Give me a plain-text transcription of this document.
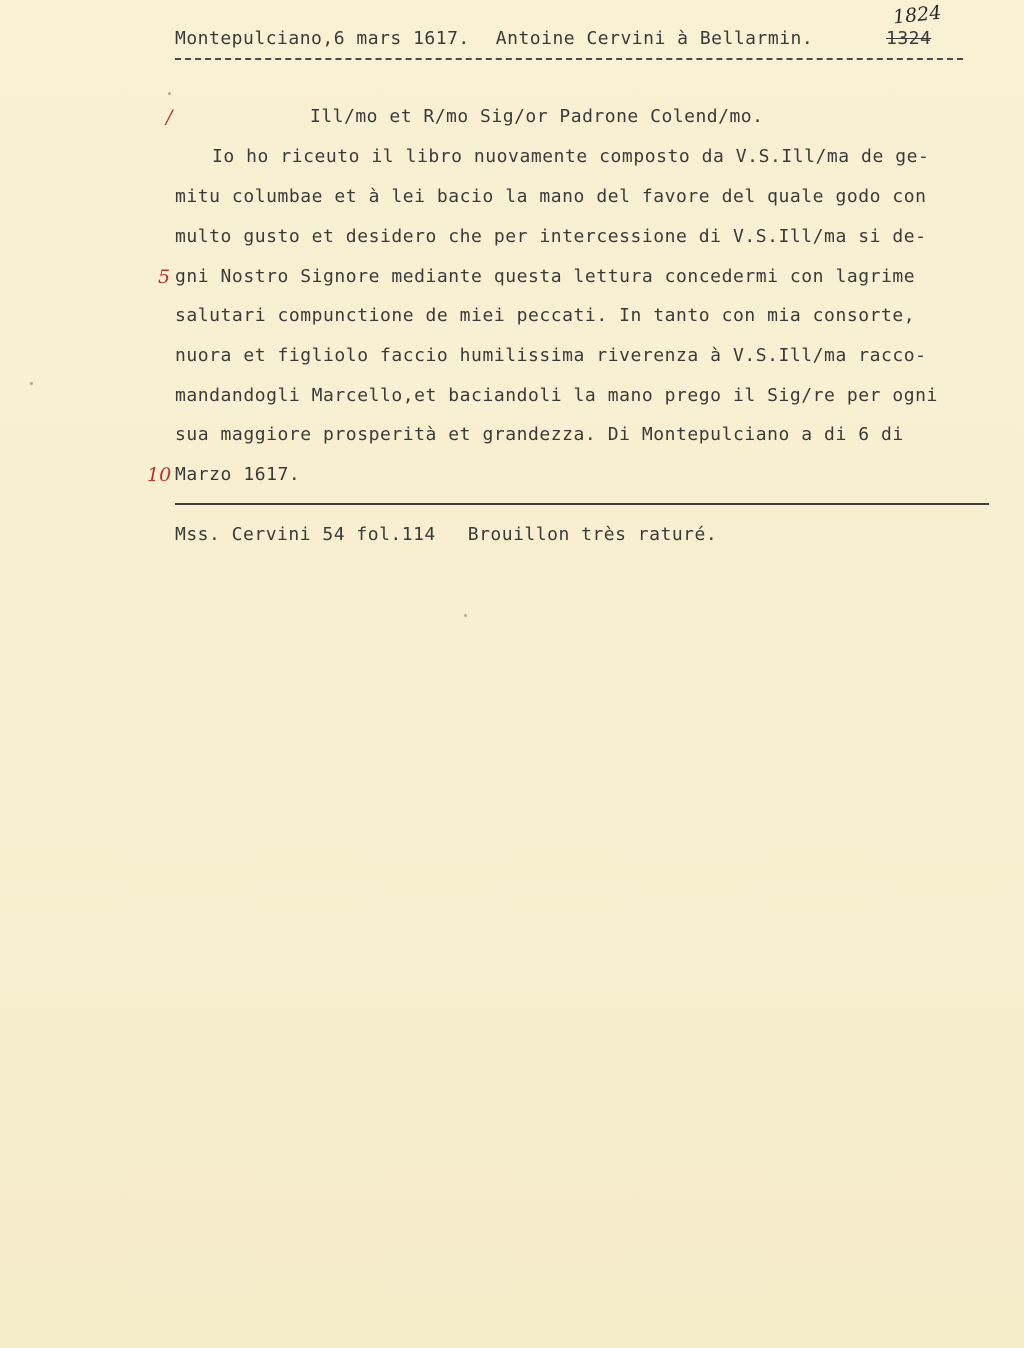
Montepulciano,6 mars 1617. Antoine Cervini à Bellarmin.
1824
1324
/	Ill/mo et R/mo Sig/or Padrone Colend/mo.
Io ho riceuto il libro nuovamente composto da V.S.Ill/ma de ge-
mitu columbae et à lei bacio la mano del favore del quale godo con
multo gusto et desidero che per intercessione di V.S.Ill/ma si de-
5 gni Nostro Signore mediante questa lettura concedermi con lagrime
salutari compunctione de miei peccati. In tanto con mia consorte,
nuora et figliolo faccio humilissima riverenza à V.S.Ill/ma racco-
mandandogli Marcello,et baciandoli la mano prego il Sig/re per ogni
sua maggiore prosperità et grandezza. Di Montepulciano a di 6 di
10 Marzo 1617.
Mss. Cervini 54 fol.114 Brouillon très raturé.
